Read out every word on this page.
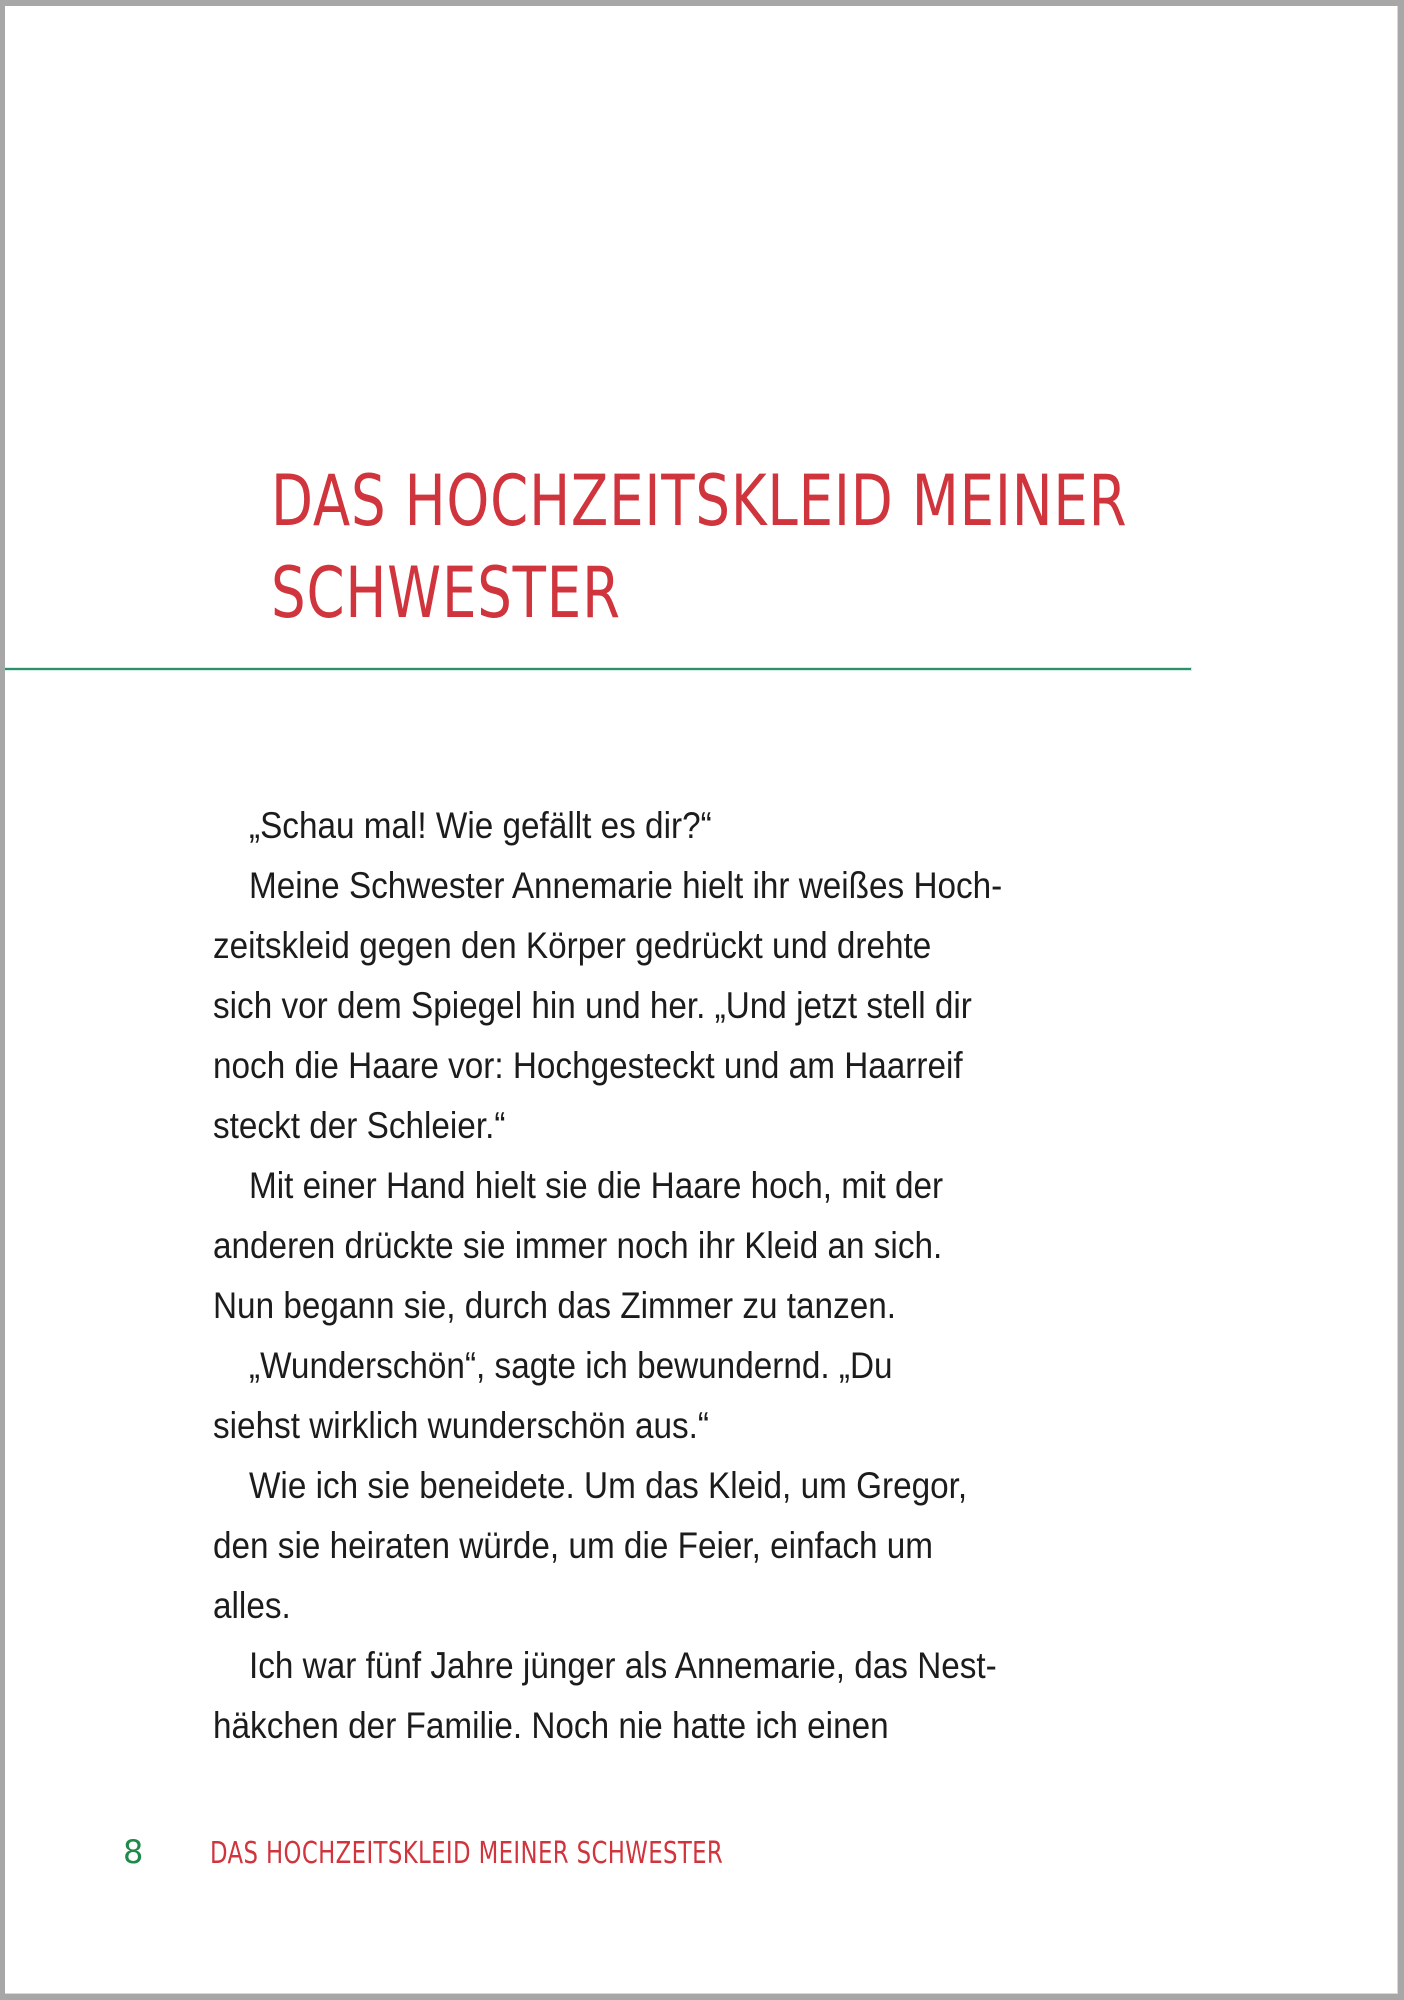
DAS HOCHZEITSKLEID MEINER
SCHWESTER
„Schau mal! Wie gefällt es dir?“
Meine Schwester Annemarie hielt ihr weißes Hoch-
zeitskleid gegen den Körper gedrückt und drehte
sich vor dem Spiegel hin und her. „Und jetzt stell dir
noch die Haare vor: Hochgesteckt und am Haarreif
steckt der Schleier.“
Mit einer Hand hielt sie die Haare hoch, mit der
anderen drückte sie immer noch ihr Kleid an sich.
Nun begann sie, durch das Zimmer zu tanzen.
„Wunderschön“, sagte ich bewundernd. „Du
siehst wirklich wunderschön aus.“
Wie ich sie beneidete. Um das Kleid, um Gregor,
den sie heiraten würde, um die Feier, einfach um
alles.
Ich war fünf Jahre jünger als Annemarie, das Nest-
häkchen der Familie. Noch nie hatte ich einen
8 DAS HOCHZEITSKLEID MEINER SCHWESTER
